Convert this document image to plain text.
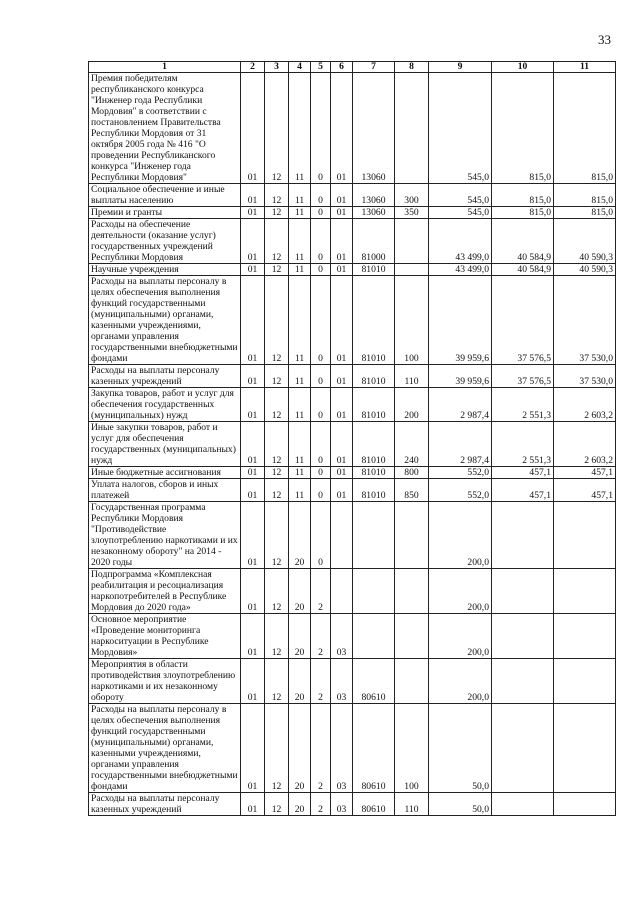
33
1	2	3	4	5	6	7	8	9	10	11
Премия победителям республиканского конкурса "Инженер года Республики Мордовия" в соответствии с постановлением Правительства Республики Мордовия от 31 октября 2005 года № 416 "О проведении Республиканского конкурса "Инженер года Республики Мордовия"	01	12	11	0	01	13060		545,0	815,0	815,0
Социальное обеспечение и иные выплаты населению	01	12	11	0	01	13060	300	545,0	815,0	815,0
Премии и гранты	01	12	11	0	01	13060	350	545,0	815,0	815,0
Расходы на обеспечение деятельности (оказание услуг) государственных учреждений Республики Мордовия	01	12	11	0	01	81000		43 499,0	40 584,9	40 590,3
Научные учреждения	01	12	11	0	01	81010		43 499,0	40 584,9	40 590,3
Расходы на выплаты персоналу в целях обеспечения выполнения функций государственными (муниципальными) органами, казенными учреждениями, органами управления государственными внебюджетными фондами	01	12	11	0	01	81010	100	39 959,6	37 576,5	37 530,0
Расходы на выплаты персоналу казенных учреждений	01	12	11	0	01	81010	110	39 959,6	37 576,5	37 530,0
Закупка товаров, работ и услуг для обеспечения государственных (муниципальных) нужд	01	12	11	0	01	81010	200	2 987,4	2 551,3	2 603,2
Иные закупки товаров, работ и услуг для обеспечения государственных (муниципальных) нужд	01	12	11	0	01	81010	240	2 987,4	2 551,3	2 603,2
Иные бюджетные ассигнования	01	12	11	0	01	81010	800	552,0	457,1	457,1
Уплата налогов, сборов и иных платежей	01	12	11	0	01	81010	850	552,0	457,1	457,1
Государственная программа Республики Мордовия "Противодействие злоупотреблению наркотиками и их незаконному обороту" на 2014 - 2020 годы	01	12	20	0				200,0		
Подпрограмма «Комплексная реабилитация и ресоциализация наркопотребителей в Республике Мордовия до 2020 года»	01	12	20	2				200,0		
Основное мероприятие «Проведение мониторинга наркоситуации в Республике Мордовия»	01	12	20	2	03			200,0		
Мероприятия в области противодействия злоупотреблению наркотиками и их незаконному обороту	01	12	20	2	03	80610		200,0		
Расходы на выплаты персоналу в целях обеспечения выполнения функций государственными (муниципальными) органами, казенными учреждениями, органами управления государственными внебюджетными фондами	01	12	20	2	03	80610	100	50,0		
Расходы на выплаты персоналу казенных учреждений	01	12	20	2	03	80610	110	50,0		
